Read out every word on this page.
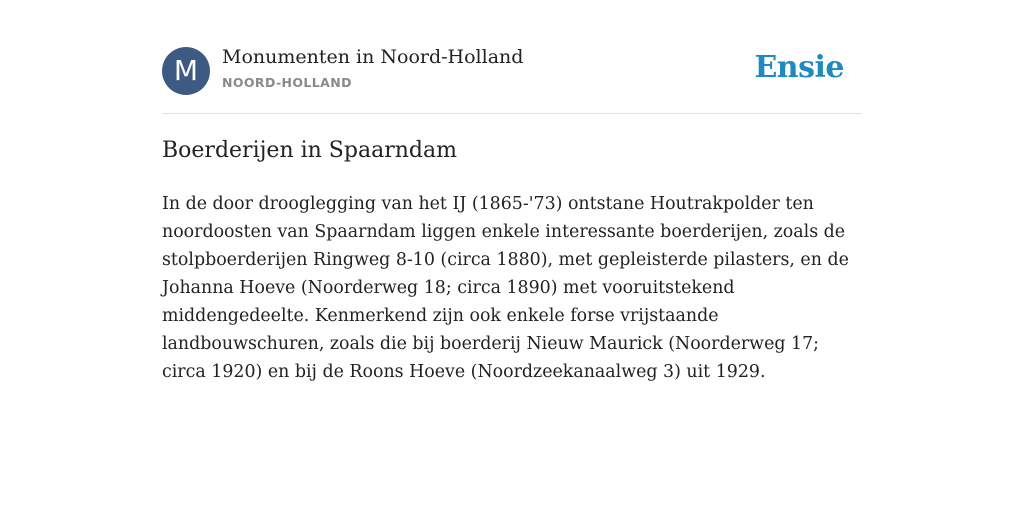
M	Monumenten in Noord-Holland
NOORD-HOLLAND	Ensie
Boerderijen in Spaarndam

In de door drooglegging van het IJ (1865-'73) ontstane Houtrakpolder ten noordoosten van Spaarndam liggen enkele interessante boerderijen, zoals de stolpboerderijen Ringweg 8-10 (circa 1880), met gepleisterde pilasters, en de Johanna Hoeve (Noorderweg 18; circa 1890) met vooruitstekend middengedeelte. Kenmerkend zijn ook enkele forse vrijstaande landbouwschuren, zoals die bij boerderij Nieuw Maurick (Noorderweg 17; circa 1920) en bij de Roons Hoeve (Noordzeekanaalweg 3) uit 1929.
